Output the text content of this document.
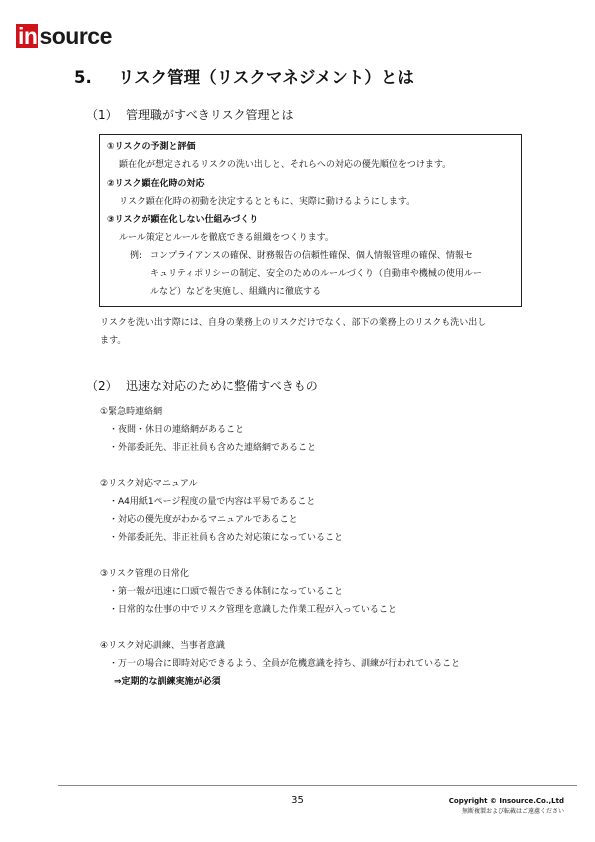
in source
5. リスク管理（リスクマネジメント）とは
（1） 管理職がすべきリスク管理とは
①リスクの予測と評価
顕在化が想定されるリスクの洗い出しと、それらへの対応の優先順位をつけます。
②リスク顕在化時の対応
リスク顕在化時の初動を決定するとともに、実際に動けるようにします。
③リスクが顕在化しない仕組みづくり
ルール策定とルールを徹底できる組織をつくります。
例: コンプライアンスの確保、財務報告の信頼性確保、個人情報管理の確保、情報セ
キュリティポリシーの制定、安全のためのルールづくり（自動車や機械の使用ルー
ルなど）などを実施し、組織内に徹底する
リスクを洗い出す際には、自身の業務上のリスクだけでなく、部下の業務上のリスクも洗い出し
ます。
（2） 迅速な対応のために整備すべきもの
①緊急時連絡網
・夜間・休日の連絡網があること
・外部委託先、非正社員も含めた連絡網であること
②リスク対応マニュアル
・A4用紙1ページ程度の量で内容は平易であること
・対応の優先度がわかるマニュアルであること
・外部委託先、非正社員も含めた対応策になっていること
③リスク管理の日常化
・第一報が迅速に口頭で報告できる体制になっていること
・日常的な仕事の中でリスク管理を意識した作業工程が入っていること
④リスク対応訓練、当事者意識
・万一の場合に即時対応できるよう、全員が危機意識を持ち、訓練が行われていること
⇒定期的な訓練実施が必須
35	Copyright © Insource.Co.,Ltd
無断複製および転載はご遠慮ください
